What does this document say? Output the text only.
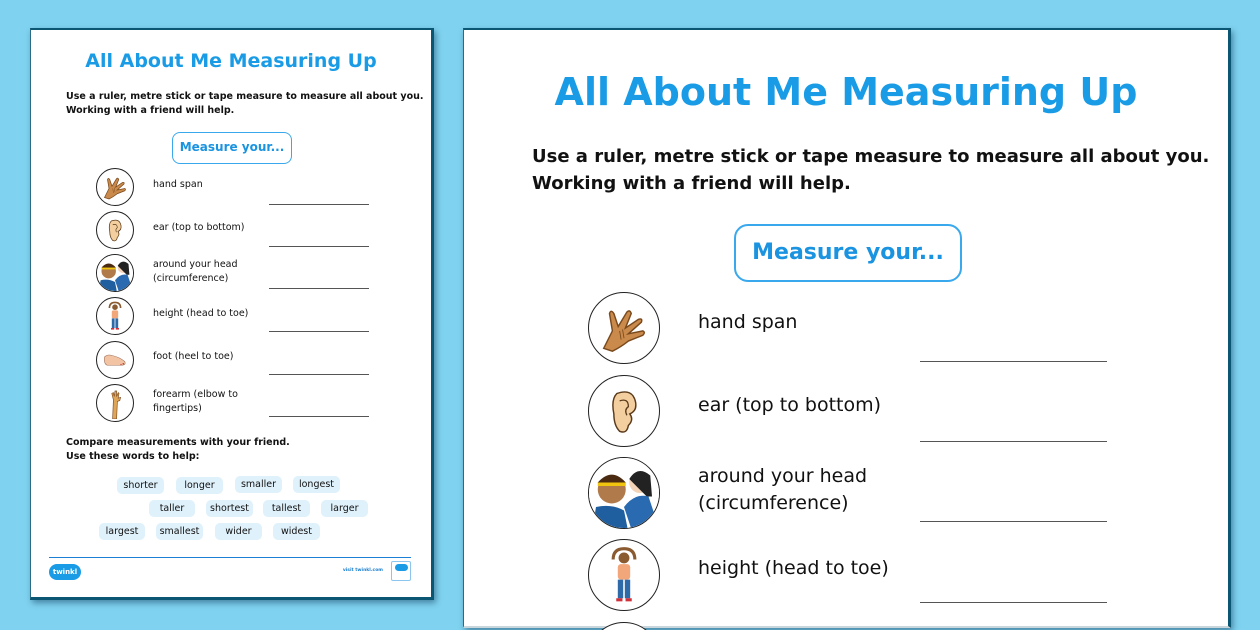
All About Me Measuring Up
Use a ruler, metre stick or tape measure to measure all about you.
Working with a friend will help.
Measure your...
hand span
ear (top to bottom)
around your head
(circumference)
height (head to toe)
foot (heel to toe)
forearm (elbow to
fingertips)
Compare measurements with your friend.
Use these words to help:
shorter	longer	smaller	longest
taller	shortest	tallest	larger
largest	smallest	wider	widest
twinkl	visit twinkl.com
All About Me Measuring Up
Use a ruler, metre stick or tape measure to measure all about you.
Working with a friend will help.
Measure your...
hand span
ear (top to bottom)
around your head
(circumference)
height (head to toe)
